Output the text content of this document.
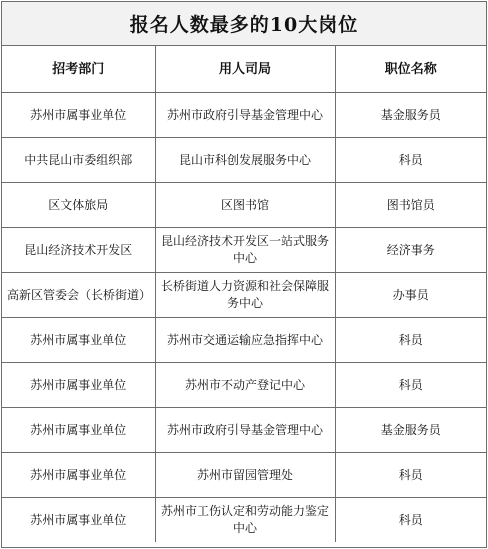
报名人数最多的10大岗位
招考部门	用人司局	职位名称
苏州市属事业单位	苏州市政府引导基金管理中心	基金服务员
中共昆山市委组织部	昆山市科创发展服务中心	科员
区文体旅局	区图书馆	图书馆员
昆山经济技术开发区	昆山经济技术开发区一站式服务中心	经济事务
高新区管委会（长桥街道）	长桥街道人力资源和社会保障服务中心	办事员
苏州市属事业单位	苏州市交通运输应急指挥中心	科员
苏州市属事业单位	苏州市不动产登记中心	科员
苏州市属事业单位	苏州市政府引导基金管理中心	基金服务员
苏州市属事业单位	苏州市留园管理处	科员
苏州市属事业单位	苏州市工伤认定和劳动能力鉴定中心	科员
